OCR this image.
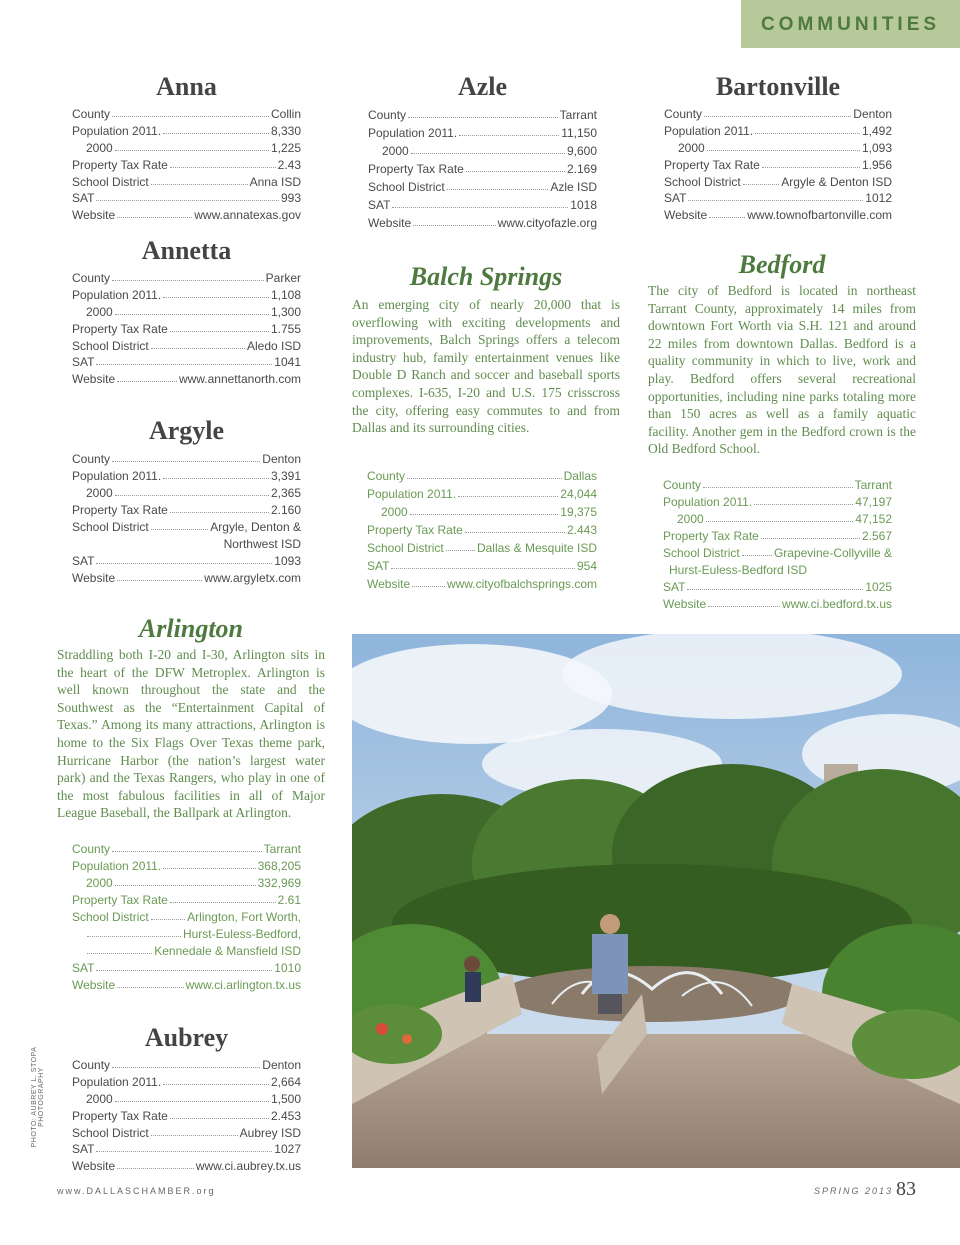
COMMUNITIES
Anna
County	Collin
Population 2011.	8,330
2000	1,225
Property Tax Rate	2.43
School District	Anna ISD
SAT	993
Website	www.annatexas.gov
Annetta
County	Parker
Population 2011.	1,108
2000	1,300
Property Tax Rate	1.755
School District	Aledo ISD
SAT	1041
Website	www.annettanorth.com
Argyle
County	Denton
Population 2011.	3,391
2000	2,365
Property Tax Rate	2.160
School District	Argyle, Denton &
Northwest ISD
SAT	1093
Website	www.argyletx.com
Azle
County	Tarrant
Population 2011.	11,150
2000	9,600
Property Tax Rate	2.169
School District	Azle ISD
SAT	1018
Website	www.cityofazle.org
Bartonville
County	Denton
Population 2011.	1,492
2000	1,093
Property Tax Rate	1.956
School District	Argyle & Denton ISD
SAT	1012
Website	www.townofbartonville.com
Balch Springs

An emerging city of nearly 20,000 that is overflowing with exciting developments and improvements, Balch Springs offers a telecom industry hub, family entertainment venues like Double D Ranch and soccer and baseball sports complexes. I-635, I-20 and U.S. 175 crisscross the city, offering easy commutes to and from Dallas and its surrounding cities.

County	Dallas
Population 2011.	24,044
2000	19,375
Property Tax Rate	2.443
School District	Dallas & Mesquite ISD
SAT	954
Website	www.cityofbalchsprings.com
Bedford

The city of Bedford is located in northeast Tarrant County, approximately 14 miles from downtown Fort Worth via S.H. 121 and around 22 miles from downtown Dallas. Bedford is a quality community in which to live, work and play. Bedford offers several recreational opportunities, including nine parks totaling more than 150 acres as well as a family aquatic facility. Another gem in the Bedford crown is the Old Bedford School.

County	Tarrant
Population 2011.	47,197
2000	47,152
Property Tax Rate	2.567
School District	Grapevine-Collyville &
Hurst-Euless-Bedford ISD
SAT	1025
Website	www.ci.bedford.tx.us
Arlington

Straddling both I-20 and I-30, Arlington sits in the heart of the DFW Metroplex. Arlington is well known throughout the state and the Southwest as the “Entertainment Capital of Texas.” Among its many attractions, Arlington is home to the Six Flags Over Texas theme park, Hurricane Harbor (the nation’s largest water park) and the Texas Rangers, who play in one of the most fabulous facilities in all of Major League Baseball, the Ballpark at Arlington.

County	Tarrant
Population 2011.	368,205
2000	332,969
Property Tax Rate	2.61
School District	Arlington, Fort Worth,
Hurst-Euless-Bedford,
Kennedale & Mansfield ISD
SAT	1010
Website	www.ci.arlington.tx.us
Aubrey
County	Denton
Population 2011.	2,664
2000	1,500
Property Tax Rate	2.453
School District	Aubrey ISD
SAT	1027
Website	www.ci.aubrey.tx.us
PHOTO: AUBREY L. STOPA PHOTOGRAPHY
www.DALLASCHAMBER.org	SPRING 2013 83
